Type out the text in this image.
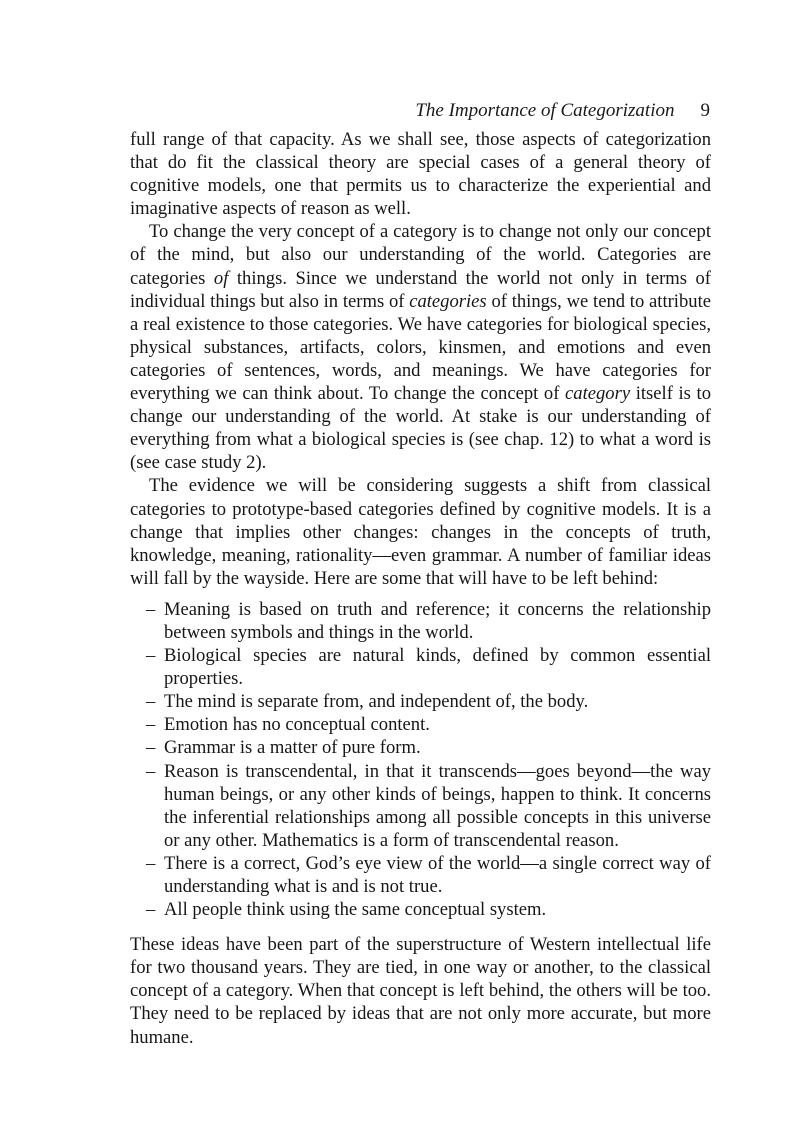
The Importance of Categorization 9

full range of that capacity. As we shall see, those aspects of categorization that do fit the classical theory are special cases of a general theory of cognitive models, one that permits us to characterize the experiential and imaginative aspects of reason as well.

To change the very concept of a category is to change not only our concept of the mind, but also our understanding of the world. Categories are categories of things. Since we understand the world not only in terms of individual things but also in terms of categories of things, we tend to attribute a real existence to those categories. We have categories for biological species, physical substances, artifacts, colors, kinsmen, and emotions and even categories of sentences, words, and meanings. We have categories for everything we can think about. To change the concept of category itself is to change our understanding of the world. At stake is our understanding of everything from what a biological species is (see chap. 12) to what a word is (see case study 2).

The evidence we will be considering suggests a shift from classical categories to prototype-based categories defined by cognitive models. It is a change that implies other changes: changes in the concepts of truth, knowledge, meaning, rationality—even grammar. A number of familiar ideas will fall by the wayside. Here are some that will have to be left behind:

– Meaning is based on truth and reference; it concerns the relationship between symbols and things in the world.
– Biological species are natural kinds, defined by common essential properties.
– The mind is separate from, and independent of, the body.
– Emotion has no conceptual content.
– Grammar is a matter of pure form.
– Reason is transcendental, in that it transcends—goes beyond—the way human beings, or any other kinds of beings, happen to think. It concerns the inferential relationships among all possible concepts in this universe or any other. Mathematics is a form of transcendental reason.
– There is a correct, God’s eye view of the world—a single correct way of understanding what is and is not true.
– All people think using the same conceptual system.

These ideas have been part of the superstructure of Western intellectual life for two thousand years. They are tied, in one way or another, to the classical concept of a category. When that concept is left behind, the others will be too. They need to be replaced by ideas that are not only more accurate, but more humane.
